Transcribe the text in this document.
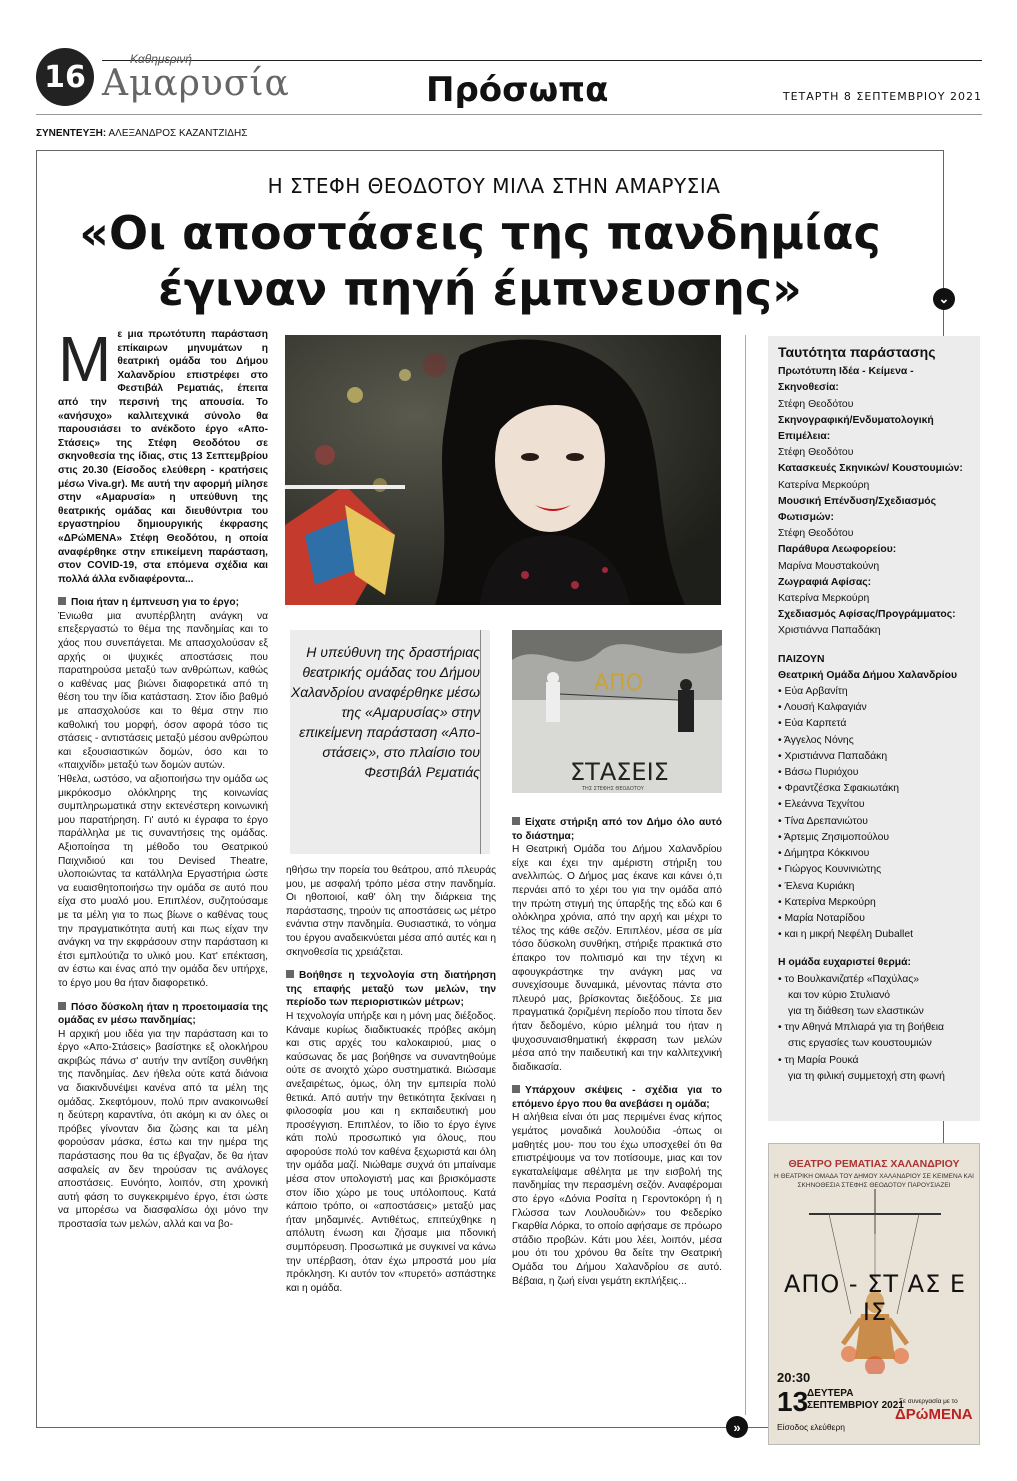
16
Καθημερινή
Αμαρυσία	Πρόσωπα	ΤΕΤΑΡΤΗ 8 ΣΕΠΤΕΜΒΡΙΟΥ 2021
ΣΥΝΕΝΤΕΥΞΗ: ΑΛΕΞΑΝΔΡΟΣ ΚΑΖΑΝΤΖΙΔΗΣ
Η ΣΤΕΦΗ ΘΕΟΔΟΤΟΥ ΜΙΛΑ ΣΤΗΝ ΑΜΑΡΥΣΙΑ
«Οι αποστάσεις της πανδημίας
έγιναν πηγή έμπνευσης»	⌄

Με μια πρωτότυπη παράσταση επίκαιρων μηνυμάτων η θεατρική ομάδα του Δήμου Χαλανδρίου επιστρέφει στο Φεστιβάλ Ρεματιάς, έπειτα από την περσινή της απουσία. Το «ανήσυχο» καλλιτεχνικά σύνολο θα παρουσιάσει το ανέκδοτο έργο «Απο-Στάσεις» της Στέφη Θεοδότου σε σκηνοθεσία της ίδιας, στις 13 Σεπτεμβρίου στις 20.30 (Είσοδος ελεύθερη - κρατήσεις μέσω Viva.gr). Με αυτή την αφορμή μίλησε στην «Αμαρυσία» η υπεύθυνη της θεατρικής ομάδας και διευθύντρια του εργαστηρίου δημιουργικής έκφρασης «ΔΡώΜΕΝΑ» Στέφη Θεοδότου, η οποία αναφέρθηκε στην επικείμενη παράσταση, στον COVID-19, στα επόμενα σχέδια και πολλά άλλα ενδιαφέροντα...

Ποια ήταν η έμπνευση για το έργο;

Ένιωθα μια ανυπέρβλητη ανάγκη να επεξεργαστώ το θέμα της πανδημίας και το χάος που συνεπάγεται. Με απασχολούσαν εξ αρχής οι ψυχικές αποστάσεις που παρατηρούσα μεταξύ των ανθρώπων, καθώς ο καθένας μας βιώνει διαφορετικά από τη θέση του την ίδια κατάσταση. Στον ίδιο βαθμό με απασχολούσε και το θέμα στην πιο καθολική του μορφή, όσον αφορά τόσο τις στάσεις - αντιστάσεις μεταξύ μέσου ανθρώπου και εξουσιαστικών δομών, όσο και το «παιχνίδι» μεταξύ των δομών αυτών.

Ήθελα, ωστόσο, να αξιοποιήσω την ομάδα ως μικρόκοσμο ολόκληρης της κοινωνίας συμπληρωματικά στην εκτενέστερη κοινωνική μου παρατήρηση. Γι' αυτό κι έγραφα το έργο παράλληλα με τις συναντήσεις της ομάδας. Αξιοποίησα τη μέθοδο του Θεατρικού Παιχνιδιού και του Devised Theatre, υλοποιώντας τα κατάλληλα Εργαστήρια ώστε να ευαισθητοποιήσω την ομάδα σε αυτό που είχα στο μυαλό μου. Επιπλέον, συζητούσαμε με τα μέλη για το πως βίωνε ο καθένας τους την πραγματικότητα αυτή και πως είχαν την ανάγκη να την εκφράσουν στην παράσταση κι έτσι εμπλούτιζα το υλικό μου. Κατ' επέκταση, αν έστω και ένας από την ομάδα δεν υπήρχε, το έργο μου θα ήταν διαφορετικό.

Πόσο δύσκολη ήταν η προετοιμασία της ομάδας εν μέσω πανδημίας;

Η αρχική μου ιδέα για την παράσταση και το έργο «Απο-Στάσεις» βασίστηκε εξ ολοκλήρου ακριβώς πάνω σ' αυτήν την αντίξοη συνθήκη της πανδημίας. Δεν ήθελα ούτε κατά διάνοια να διακινδυνέψει κανένα από τα μέλη της ομάδας. Σκεφτόμουν, πολύ πριν ανακοινωθεί η δεύτερη καραντίνα, ότι ακόμη κι αν όλες οι πρόβες γίνονταν δια ζώσης και τα μέλη φορούσαν μάσκα, έστω και την ημέρα της παράστασης που θα τις έβγαζαν, δε θα ήταν ασφαλείς αν δεν τηρούσαν τις ανάλογες αποστάσεις. Ευνόητο, λοιπόν, στη χρονική αυτή φάση το συγκεκριμένο έργο, έτσι ώστε να μπορέσω να διασφαλίσω όχι μόνο την προστασία των μελών, αλλά και να βο-

Η υπεύθυνη της δραστήριας θεατρικής ομάδας του Δήμου Χαλανδρίου αναφέρθηκε μέσω της «Αμαρυσίας» στην επικείμενη παράσταση «Απο-στάσεις», στο πλαίσιο του Φεστιβάλ Ρεματιάς
ΑΠΟ
ΣΤΑΣΕΙΣ
ΤΗΣ ΣΤΕΦΗΣ ΘΕΟΔΟΤΟΥ

ηθήσω την πορεία του θεάτρου, από πλευράς μου, με ασφαλή τρόπο μέσα στην πανδημία. Οι ηθοποιοί, καθ' όλη την διάρκεια της παράστασης, τηρούν τις αποστάσεις ως μέτρο ενάντια στην πανδημία. Θυσιαστικά, το νόημα του έργου αναδεικνύεται μέσα από αυτές και η σκηνοθεσία τις χρειάζεται.

Βοήθησε η τεχνολογία στη διατήρηση της επαφής μεταξύ των μελών, την περίοδο των περιοριστικών μέτρων;

Η τεχνολογία υπήρξε και η μόνη μας διέξοδος. Κάναμε κυρίως διαδικτυακές πρόβες ακόμη και στις αρχές του καλοκαιριού, μιας ο καύσωνας δε μας βοήθησε να συναντηθούμε ούτε σε ανοιχτό χώρο συστηματικά. Βιώσαμε ανεξαιρέτως, όμως, όλη την εμπειρία πολύ θετικά. Από αυτήν την θετικότητα ξεκίναει η φιλοσοφία μου και η εκπαιδευτική μου προσέγγιση. Επιπλέον, το ίδιο το έργο έγινε κάτι πολύ προσωπικό για όλους, που αφορούσε πολύ τον καθένα ξεχωριστά και όλη την ομάδα μαζί. Νιώθαμε συχνά ότι μπαίναμε μέσα στον υπολογιστή μας και βρισκόμαστε στον ίδιο χώρο με τους υπόλοιπους. Κατά κάποιο τρόπο, οι «αποστάσεις» μεταξύ μας ήταν μηδαμινές. Αντιθέτως, επιτεύχθηκε η απόλυτη ένωση και ζήσαμε μια πδονική συμπόρευση. Προσωπικά με συγκινεί να κάνω την υπέρβαση, όταν έχω μπροστά μου μία πρόκληση. Κι αυτόν τον «πυρετό» ασπάστηκε και η ομάδα.

Είχατε στήριξη από τον Δήμο όλο αυτό το διάστημα;

Η Θεατρική Ομάδα του Δήμου Χαλανδρίου είχε και έχει την αμέριστη στήριξη του ανελλιπώς. Ο Δήμος μας έκανε και κάνει ό,τι περνάει από το χέρι του για την ομάδα από την πρώτη στιγμή της ύπαρξής της εδώ και 6 ολόκληρα χρόνια, από την αρχή και μέχρι το τέλος της κάθε σεζόν. Επιπλέον, μέσα σε μία τόσο δύσκολη συνθήκη, στήριξε πρακτικά στο έπακρο τον πολιτισμό και την τέχνη κι αφουγκράστηκε την ανάγκη μας να συνεχίσουμε δυναμικά, μένοντας πάντα στο πλευρό μας, βρίσκοντας διεξόδους. Σε μια πραγματικά ζοριζμένη περίοδο που τίποτα δεν ήταν δεδομένο, κύριο μέλημά του ήταν η ψυχοσυναισθηματική έκφραση των μελών μέσα από την παιδευτική και την καλλιτεχνική διαδικασία.

Υπάρχουν σκέψεις - σχέδια για το επόμενο έργο που θα ανεβάσει η ομάδα;

Η αλήθεια είναι ότι μας περιμένει ένας κήπος γεμάτος μοναδικά λουλούδια -όπως οι μαθητές μου- που του έχω υποσχεθεί ότι θα επιστρέψουμε να τον ποτίσουμε, μιας και τον εγκαταλείψαμε αθέλητα με την εισβολή της πανδημίας την περασμένη σεζόν. Αναφέρομαι στο έργο «Δόνια Ροσίτα η Γεροντοκόρη ή η Γλώσσα των Λουλουδιών» του Φεδερίκο Γκαρθία Λόρκα, το οποίο αφήσαμε σε πρόωρο στάδιο προβών. Κάτι μου λέει, λοιπόν, μέσα μου ότι του χρόνου θα δείτε την Θεατρική Ομάδα του Δήμου Χαλανδρίου σε αυτό. Βέβαια, η ζωή είναι γεμάτη εκπλήξεις...

Ταυτότητα παράστασης
Πρωτότυπη Ιδέα - Κείμενα - Σκηνοθεσία:
Στέφη Θεοδότου
Σκηνογραφική/Ενδυματολογική Επιμέλεια:
Στέφη Θεοδότου
Κατασκευές Σκηνικών/ Κουστουμιών:
Κατερίνα Μερκούρη
Μουσική Επένδυση/Σχεδιασμός Φωτισμών:
Στέφη Θεοδότου
Παράθυρα Λεωφορείου:
Μαρίνα Μουσταkούνη
Ζωγραφιά Αφίσας:
Κατερίνα Μερκούρη
Σχεδιασμός Αφίσας/Προγράμματος:
Χριστιάννα Παπαδάκη
ΠΑΙΖΟΥΝ
Θεατρική Ομάδα Δήμου Χαλανδρίου
• Εύα Αρβανίτη
• Λουσή Καλφαγιάν
• Εύα Καρπετά
• Άγγελος Νόνης
• Χριστιάννα Παπαδάκη
• Βάσω Πυριόχου
• Φραντζέσκα Σφακιωτάκη
• Ελεάννα Τεχνίτου
• Τίνα Δρεπανιώτου
• Άρτεμις Ζησιμοπούλου
• Δήμητρα Κόκκινου
• Γιώργος Κουνινιώτης
• Έλενα Κυριάκη
• Κατερίνα Μερκούρη
• Μαρία Νοταρίδου
• και η μικρή Νεφέλη Duballet
Η ομάδα ευχαριστεί θερμά:
• το Βουλκανιζατέρ «Παχύλας»
και τον κύριο Στυλιανό
για τη διάθεση των ελαστικών
• την Αθηνά Μπλιαρά για τη βοήθεια
στις εργασίες των κουστουμιών
• τη Μαρία Ρουκά
για τη φιλική συμμετοχή στη φωνή
ΘΕΑΤΡΟ ΡΕΜΑΤΙΑΣ ΧΑΛΑΝΔΡΙΟΥ
Η ΘΕΑΤΡΙΚΗ ΟΜΑΔΑ ΤΟΥ ΔΗΜΟΥ ΧΑΛΑΝΔΡΙΟΥ ΣΕ ΚΕΙΜΕΝΑ ΚΑΙ ΣΚΗΝΟΘΕΣΙΑ ΣΤΕΦΗΣ ΘΕΟΔΟΤΟΥ ΠΑΡΟΥΣΙΑΖΕΙ
ΑΠΟ - ΣΤ ΑΣ Ε ΙΣ
20:30
13
ΔΕΥΤΕΡΑ
ΣΕΠΤΕΜΒΡΙΟΥ 2021
Είσοδος ελεύθερη
Σε συνεργασία με το
ΔΡώΜΕΝΑ
»
